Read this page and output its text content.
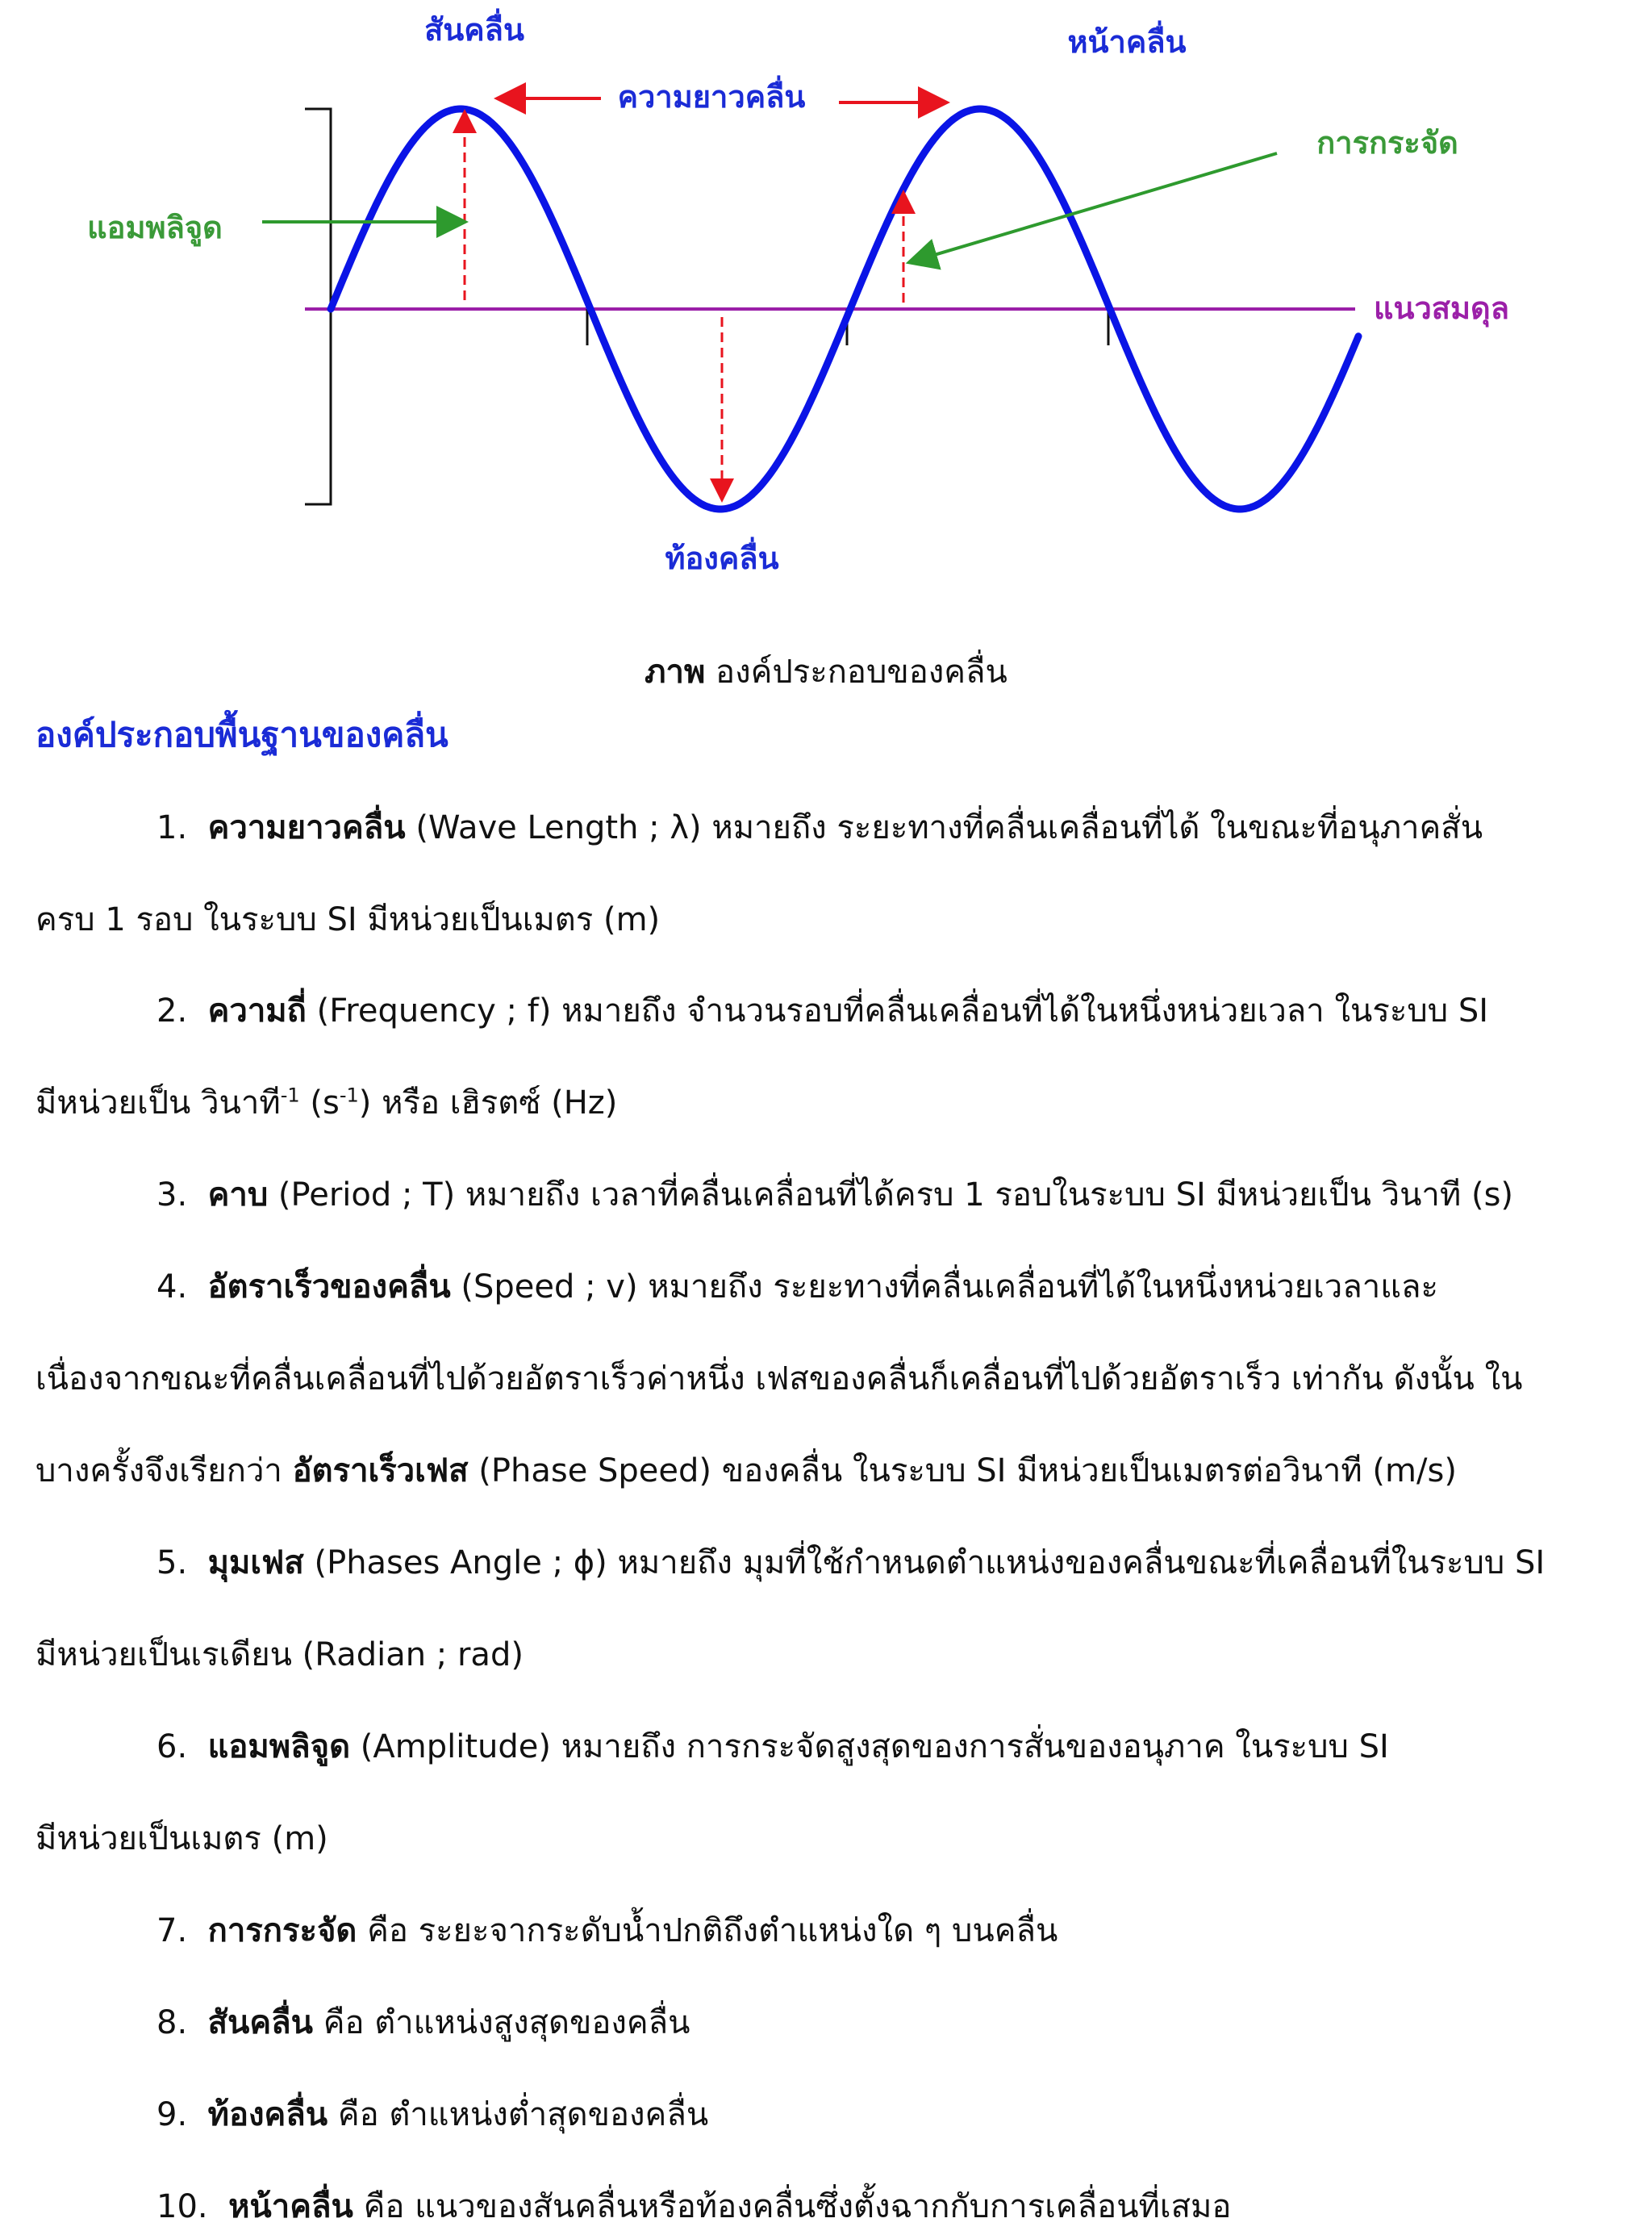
สันคลื่น
ความยาวคลื่น
หน้าคลื่น
การกระจัด
แอมพลิจูด
แนวสมดุล
ท้องคลื่น
ภาพ องค์ประกอบของคลื่น
องค์ประกอบพื้นฐานของคลื่น
1. ความยาวคลื่น (Wave Length ; λ) หมายถึง ระยะทางที่คลื่นเคลื่อนที่ได้ ในขณะที่อนุภาคสั่น
ครบ 1 รอบ ในระบบ SI มีหน่วยเป็นเมตร (m)
2. ความถี่ (Frequency ; f) หมายถึง จำนวนรอบที่คลื่นเคลื่อนที่ได้ในหนึ่งหน่วยเวลา ในระบบ SI
มีหน่วยเป็น วินาที$^{-1}$ $(s^{-1})$ หรือ เฮิรตซ์ (Hz)
3. คาบ (Period ; T) หมายถึง เวลาที่คลื่นเคลื่อนที่ได้ครบ 1 รอบในระบบ SI มีหน่วยเป็น วินาที (s)
4. อัตราเร็วของคลื่น (Speed ; v) หมายถึง ระยะทางที่คลื่นเคลื่อนที่ได้ในหนึ่งหน่วยเวลาและ
เนื่องจากขณะที่คลื่นเคลื่อนที่ไปด้วยอัตราเร็วค่าหนึ่ง เฟสของคลื่นก็เคลื่อนที่ไปด้วยอัตราเร็ว เท่ากัน ดังนั้น ใน
บางครั้งจึงเรียกว่า อัตราเร็วเฟส (Phase Speed) ของคลื่น ในระบบ SI มีหน่วยเป็นเมตรต่อวินาที (m/s)
5. มุมเฟส (Phases Angle ; ϕ) หมายถึง มุมที่ใช้กำหนดตำแหน่งของคลื่นขณะที่เคลื่อนที่ในระบบ SI
มีหน่วยเป็นเรเดียน (Radian ; rad)
6. แอมพลิจูด (Amplitude) หมายถึง การกระจัดสูงสุดของการสั่นของอนุภาค ในระบบ SI
มีหน่วยเป็นเมตร (m)
7. การกระจัด คือ ระยะจากระดับน้ำปกติถึงตำแหน่งใด ๆ บนคลื่น
8. สันคลื่น คือ ตำแหน่งสูงสุดของคลื่น
9. ท้องคลื่น คือ ตำแหน่งต่ำสุดของคลื่น
10. หน้าคลื่น คือ แนวของสันคลื่นหรือท้องคลื่นซึ่งตั้งฉากกับการเคลื่อนที่เสมอ
